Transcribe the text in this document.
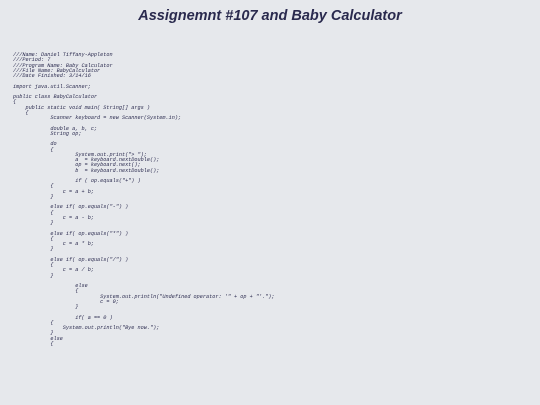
Assignemnt #107 and Baby Calculator
///Name: Daniel Tiffany-Appleton
///Period: 7
///Program Name: Baby Calculator
///File Name: BabyCalculator
///Date Finished: 3/14/16

import java.util.Scanner;

public class BabyCalculator
{
public static void main( String[] args )
{
Scanner keyboard = new Scanner(System.in);

double a, b, c;
String op;

do
{
System.out.print("> ");
a  = keyboard.nextDouble();
op = keyboard.next();
b  = keyboard.nextDouble();

if ( op.equals("+") )
{
c = a + b;
}

else if( op.equals("-") )
{
c = a - b;
}

else if( op.equals("*") )
{
c = a * b;
}

else if( op.equals("/") )
{
c = a / b;
}

else
{
System.out.println("Undefined operator: '" + op + "'.");
c = 0;
}

if( a == 0 )
{
System.out.println("Bye now.");
}
else
{
